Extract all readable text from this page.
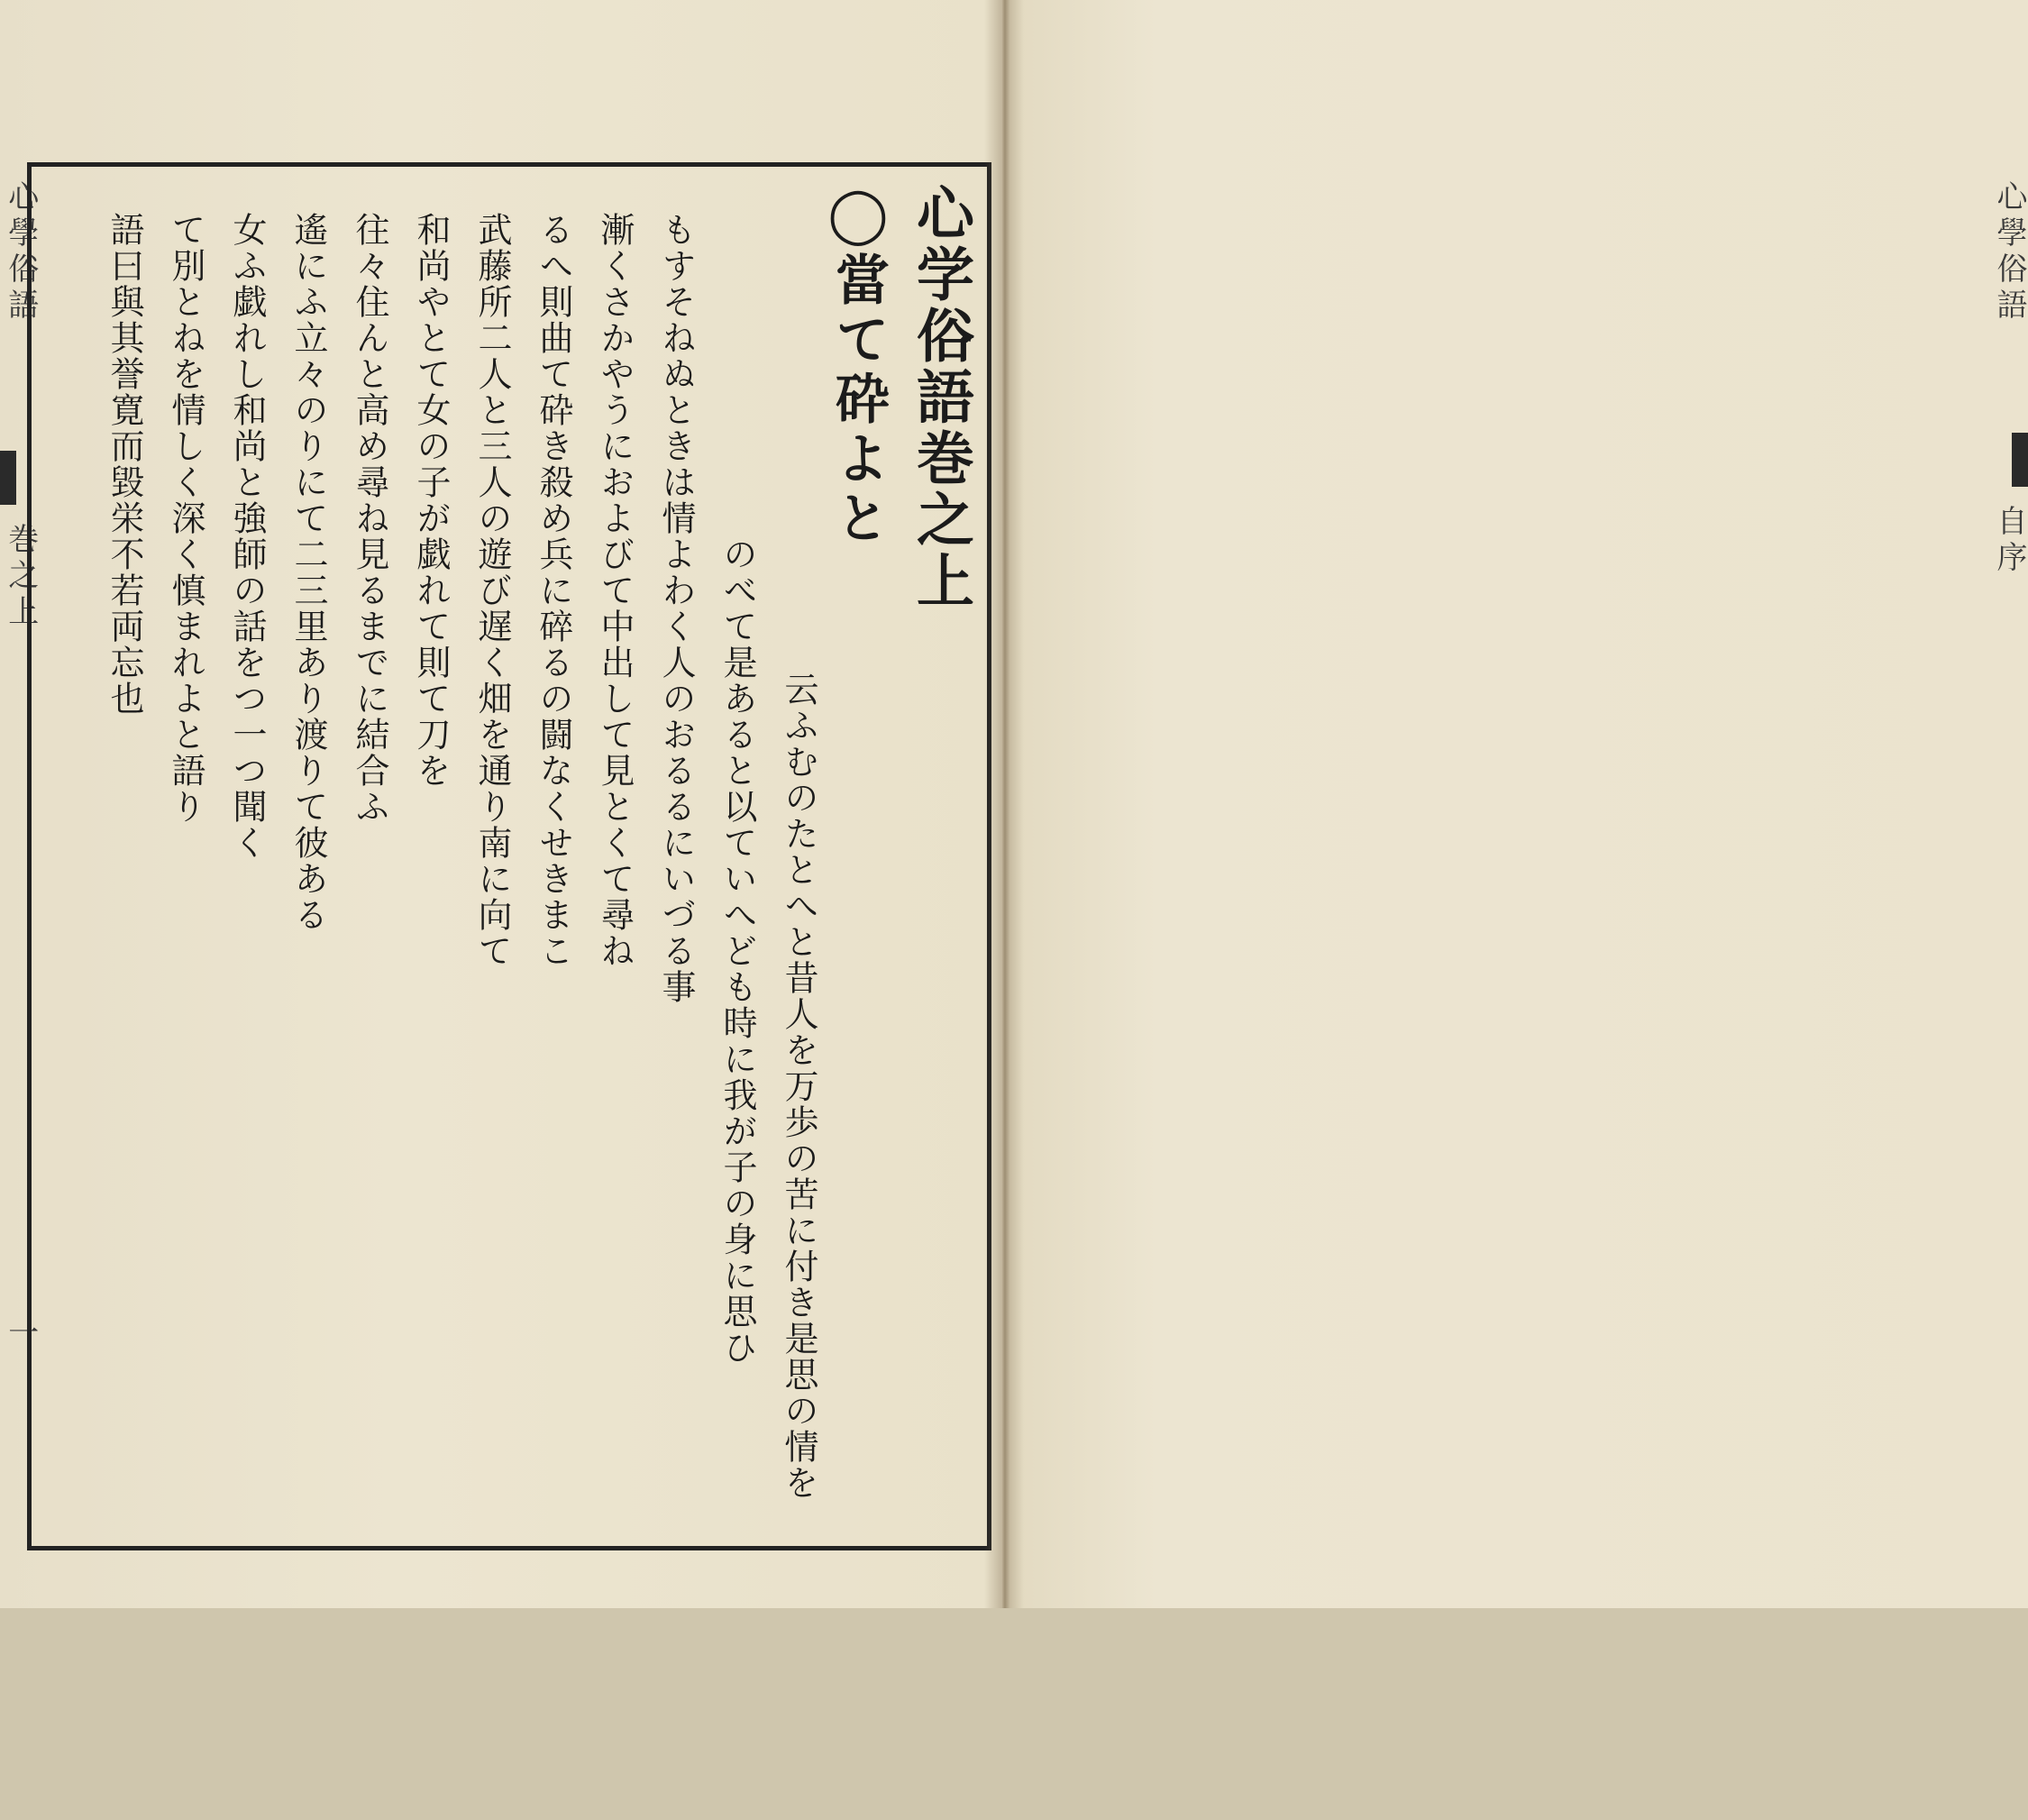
心學俗語
巻之上
一
心学俗語巻之上
◯當て砕よと
云ふむのたとへと昔人を万歩の苦に付き是思の情を
のべて是あると以ていへども時に我が子の身に思ひ
もすそねぬときは情よわく人のおるるにいづる事
漸くさかやうにおよびて中出して見とくて尋ね
るへ則曲て砕き殺め兵に碎るの闘なくせきまこ
武藤所二人と三人の遊び遅く畑を通り南に向て
和尚やとて女の子が戯れて則て刀を
往々住んと高め尋ね見るまでに結合ふ
遙にふ立々のりにて二三里あり渡りて彼ある
女ふ戯れし和尚と強師の話をつ一つ聞く
て別とねを情しく深く慎まれよと語り
語曰與其誉寛而毀栄不若両忘也	心學俗語
自序
